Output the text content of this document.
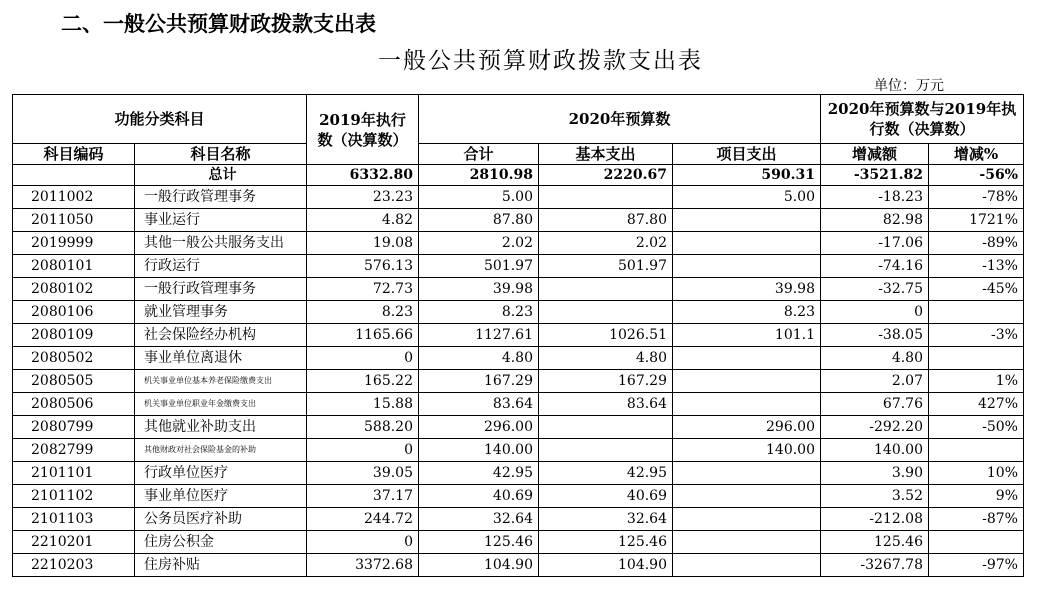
二、一般公共预算财政拨款支出表
一般公共预算财政拨款支出表
单位：万元
功能分类科目		2019年执行数（决算数）	2020年预算数			2020年预算数与2019年执行数（决算数）	

科目编码	科目名称		合计	基本支出	项目支出	增减额	增减%
	总计	6332.80	2810.98	2220.67	590.31	-3521.82	-56%
2011002	一般行政管理事务	23.23	5.00		5.00	-18.23	-78%
2011050	事业运行	4.82	87.80	87.80		82.98	1721%
2019999	其他一般公共服务支出	19.08	2.02	2.02		-17.06	-89%
2080101	行政运行	576.13	501.97	501.97		-74.16	-13%
2080102	一般行政管理事务	72.73	39.98		39.98	-32.75	-45%
2080106	就业管理事务	8.23	8.23		8.23	0	
2080109	社会保险经办机构	1165.66	1127.61	1026.51	101.1	-38.05	-3%
2080502	事业单位离退休	0	4.80	4.80		4.80	
2080505	机关事业单位基本养老保险缴费支出	165.22	167.29	167.29		2.07	1%
2080506	机关事业单位职业年金缴费支出	15.88	83.64	83.64		67.76	427%
2080799	其他就业补助支出	588.20	296.00		296.00	-292.20	-50%
2082799	其他财政对社会保险基金的补助	0	140.00		140.00	140.00	
2101101	行政单位医疗	39.05	42.95	42.95		3.90	10%
2101102	事业单位医疗	37.17	40.69	40.69		3.52	9%
2101103	公务员医疗补助	244.72	32.64	32.64		-212.08	-87%
2210201	住房公积金	0	125.46	125.46		125.46	
2210203	住房补贴	3372.68	104.90	104.90		-3267.78	-97%
